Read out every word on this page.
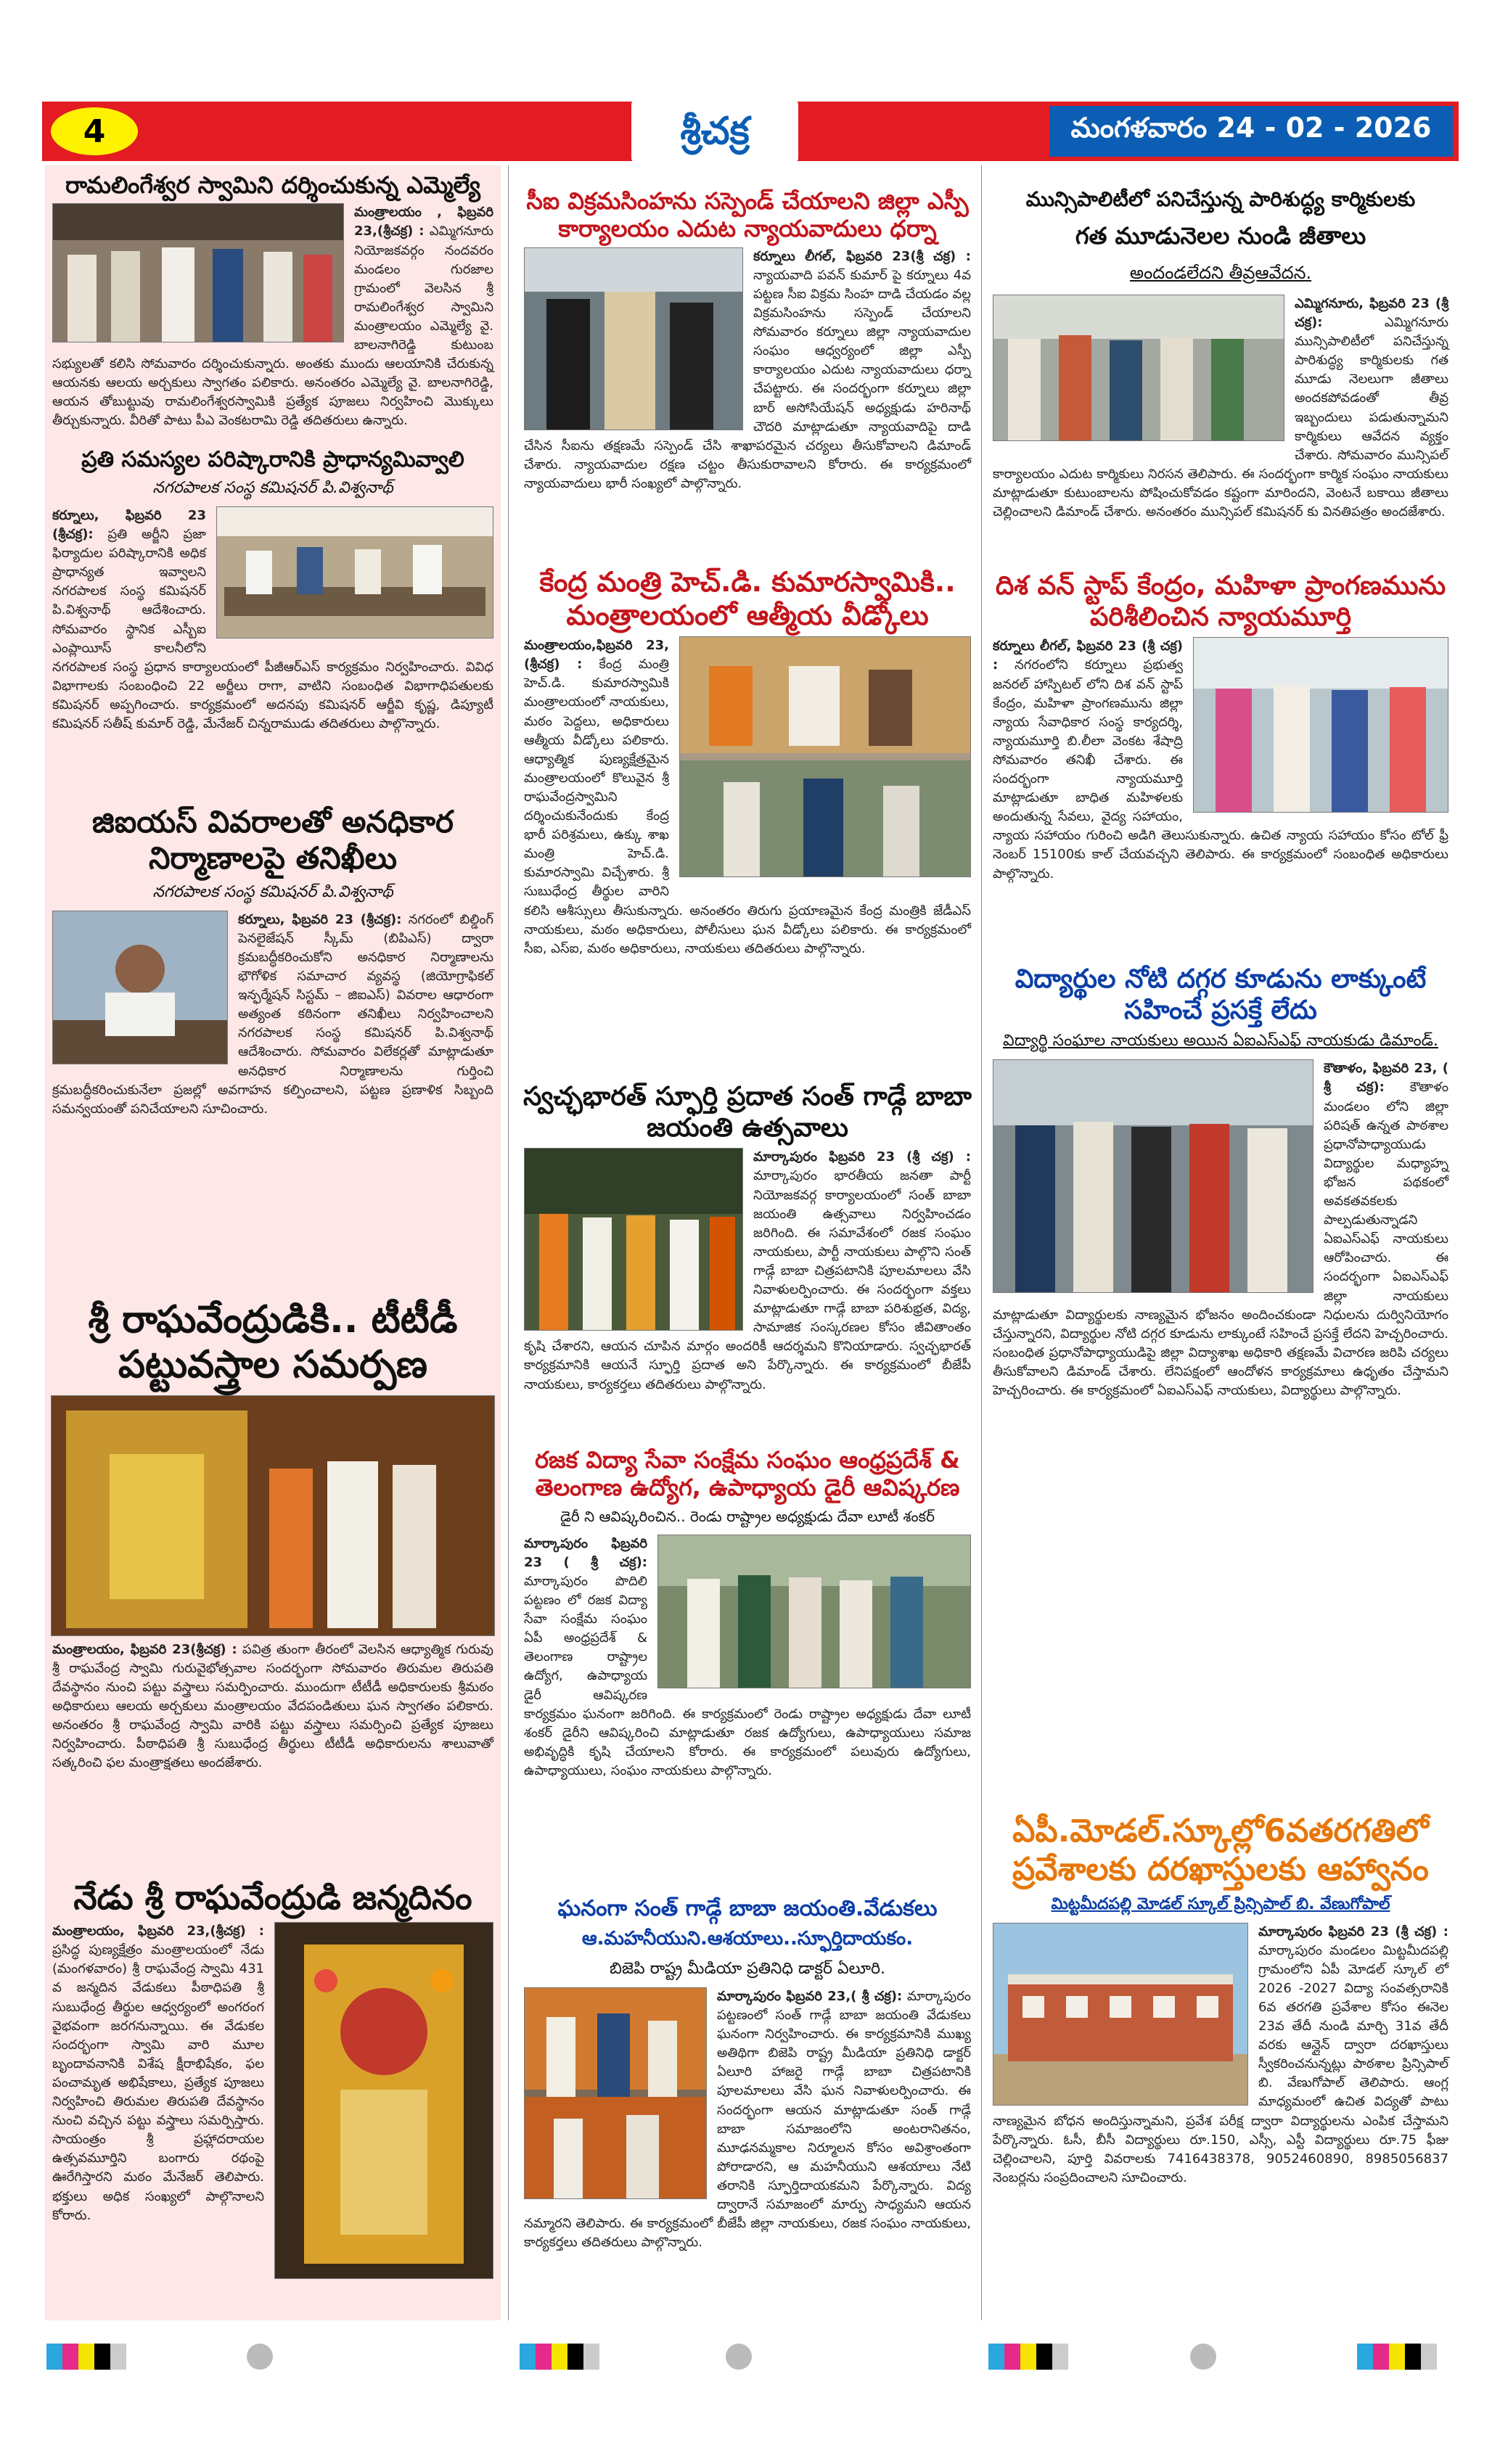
4	శ్రీచక్ర	మంగళవారం 24 - 02 - 2026
రామలింగేశ్వర స్వామిని దర్శించుకున్న ఎమ్మెల్యే
మంత్రాలయం , ఫిబ్రవరి 23,(శ్రీచక్ర) : ఎమ్మిగనూరు నియోజకవర్గం నందవరం మండలం గురజాల గ్రామంలో వెలసిన శ్రీ రామలింగేశ్వర స్వామిని మంత్రాలయం ఎమ్మెల్యే వై. బాలనాగిరెడ్డి కుటుంబ సభ్యులతో కలిసి సోమవారం దర్శించుకున్నారు. అంతకు ముందు ఆలయానికి చేరుకున్న ఆయనకు ఆలయ అర్చకులు స్వాగతం పలికారు. అనంతరం ఎమ్మెల్యే వై. బాలనాగిరెడ్డి, ఆయన తోబుట్టువు రామలింగేశ్వరస్వామికి ప్రత్యేక పూజలు నిర్వహించి మొక్కులు తీర్చుకున్నారు. వీరితో పాటు పీఎ వెంకటరామి రెడ్డి తదితరులు ఉన్నారు.
ప్రతి సమస్యల పరిష్కారానికి ప్రాధాన్యమివ్వాలి
నగరపాలక సంస్థ కమిషనర్ పి.విశ్వనాథ్
కర్నూలు, ఫిబ్రవరి 23 (శ్రీచక్ర): ప్రతి అర్జీని ప్రజా ఫిర్యాదుల పరిష్కారానికి అధిక ప్రాధాన్యత ఇవ్వాలని నగరపాలక సంస్థ కమిషనర్ పి.విశ్వనాథ్ ఆదేశించారు. సోమవారం స్థానిక ఎస్బీఐ ఎంప్లాయీస్ కాలనీలోని నగరపాలక సంస్థ ప్రధాన కార్యాలయంలో పీజీఆర్ఎస్ కార్యక్రమం నిర్వహించారు. వివిధ విభాగాలకు సంబంధించి 22 అర్జీలు రాగా, వాటిని సంబంధిత విభాగాధిపతులకు కమిషనర్ అప్పగించారు. కార్యక్రమంలో అదనపు కమిషనర్ ఆర్జీవి కృష్ణ, డిప్యూటీ కమిషనర్ సతీష్ కుమార్ రెడ్డి, మేనేజర్ చిన్నరాముడు తదితరులు పాల్గొన్నారు.
జిఐయస్ వివరాలతో అనధికార నిర్మాణాలపై తనిఖీలు
నగరపాలక సంస్థ కమిషనర్ పి.విశ్వనాథ్
కర్నూలు, ఫిబ్రవరి 23 (శ్రీచక్ర): నగరంలో బిల్డింగ్ పెనలైజేషన్ స్కీమ్ (బిపిఎస్) ద్వారా క్రమబద్ధీకరించుకోని అనధికార నిర్మాణాలను భౌగోళిక సమాచార వ్యవస్థ (జియోగ్రాఫికల్ ఇన్ఫర్మేషన్ సిస్టమ్ – జిఐఎస్) వివరాల ఆధారంగా అత్యంత కఠినంగా తనిఖీలు నిర్వహించాలని నగరపాలక సంస్థ కమిషనర్ పి.విశ్వనాథ్ ఆదేశించారు. సోమవారం విలేకర్లతో మాట్లాడుతూ అనధికార నిర్మాణాలను గుర్తించి క్రమబద్ధీకరించుకునేలా ప్రజల్లో అవగాహన కల్పించాలని, పట్టణ ప్రణాళిక సిబ్బంది సమన్వయంతో పనిచేయాలని సూచించారు.
శ్రీ రాఘవేంద్రుడికి.. టీటీడీ పట్టువస్త్రాల సమర్పణ
మంత్రాలయం, ఫిబ్రవరి 23(శ్రీచక్ర) : పవిత్ర తుంగా తీరంలో వెలసిన ఆధ్యాత్మిక గురువు శ్రీ రాఘవేంద్ర స్వామి గురువైభోత్సవాల సందర్భంగా సోమవారం తిరుమల తిరుపతి దేవస్థానం నుంచి పట్టు వస్త్రాలు సమర్పించారు. ముందుగా టీటీడీ అధికారులకు శ్రీమఠం అధికారులు ఆలయ అర్చకులు మంత్రాలయం వేదపండితులు ఘన స్వాగతం పలికారు. అనంతరం శ్రీ రాఘవేంద్ర స్వామి వారికి పట్టు వస్త్రాలు సమర్పించి ప్రత్యేక పూజలు నిర్వహించారు. పీఠాధిపతి శ్రీ సుబుధేంద్ర తీర్థులు టీటీడీ అధికారులను శాలువాతో సత్కరించి ఫల మంత్రాక్షతలు అందజేశారు.
నేడు శ్రీ రాఘవేంద్రుడి జన్మదినం
మంత్రాలయం, ఫిబ్రవరి 23,(శ్రీచక్ర) : ప్రసిద్ధ పుణ్యక్షేత్రం మంత్రాలయంలో నేడు (మంగళవారం) శ్రీ రాఘవేంద్ర స్వామి 431 వ జన్మదిన వేడుకలు పీఠాధిపతి శ్రీ సుబుధేంద్ర తీర్థుల ఆధ్వర్యంలో అంగరంగ వైభవంగా జరగనున్నాయి. ఈ వేడుకల సందర్భంగా స్వామి వారి మూల బృందావనానికి విశేష క్షీరాభిషేకం, ఫల పంచామృత అభిషేకాలు, ప్రత్యేక పూజలు నిర్వహించి తిరుమల తిరుపతి దేవస్థానం నుంచి వచ్చిన పట్టు వస్త్రాలు సమర్పిస్తారు. సాయంత్రం శ్రీ ప్రహ్లాదరాయల ఉత్సవమూర్తిని బంగారు రథంపై ఊరేగిస్తారని మఠం మేనేజర్ తెలిపారు. భక్తులు అధిక సంఖ్యలో పాల్గొనాలని కోరారు.
సీఐ విక్రమసింహను సస్పెండ్ చేయాలని జిల్లా ఎస్పీ కార్యాలయం ఎదుట న్యాయవాదులు ధర్నా
కర్నూలు లీగల్, ఫిబ్రవరి 23(శ్రీ చక్ర) : న్యాయవాది పవన్ కుమార్ పై కర్నూలు 4వ పట్టణ సీఐ విక్రమ సింహ దాడి చేయడం వల్ల విక్రమసింహను సస్పెండ్ చేయాలని సోమవారం కర్నూలు జిల్లా న్యాయవాదుల సంఘం ఆధ్వర్యంలో జిల్లా ఎస్పీ కార్యాలయం ఎదుట న్యాయవాదులు ధర్నా చేపట్టారు. ఈ సందర్భంగా కర్నూలు జిల్లా బార్ అసోసియేషన్ అధ్యక్షుడు హరినాథ్ చౌదరి మాట్లాడుతూ న్యాయవాదిపై దాడి చేసిన సీఐను తక్షణమే సస్పెండ్ చేసి శాఖాపరమైన చర్యలు తీసుకోవాలని డిమాండ్ చేశారు. న్యాయవాదుల రక్షణ చట్టం తీసుకురావాలని కోరారు. ఈ కార్యక్రమంలో న్యాయవాదులు భారీ సంఖ్యలో పాల్గొన్నారు.
కేంద్ర మంత్రి హెచ్.డి. కుమారస్వామికి.. మంత్రాలయంలో ఆత్మీయ వీడ్కోలు
మంత్రాలయం,ఫిబ్రవరి 23,(శ్రీచక్ర) : కేంద్ర మంత్రి హెచ్.డి. కుమారస్వామికి మంత్రాలయంలో నాయకులు, మఠం పెద్దలు, అధికారులు ఆత్మీయ వీడ్కోలు పలికారు. ఆధ్యాత్మిక పుణ్యక్షేత్రమైన మంత్రాలయంలో కొలువైన శ్రీ రాఘవేంద్రస్వామిని దర్శించుకునేందుకు కేంద్ర భారీ పరిశ్రమలు, ఉక్కు శాఖ మంత్రి హెచ్.డి. కుమారస్వామి విచ్చేశారు. శ్రీ సుబుధేంద్ర తీర్థుల వారిని కలిసి ఆశీస్సులు తీసుకున్నారు. అనంతరం తిరుగు ప్రయాణమైన కేంద్ర మంత్రికి జేడీఎస్ నాయకులు, మఠం అధికారులు, పోలీసులు ఘన వీడ్కోలు పలికారు. ఈ కార్యక్రమంలో సీఐ, ఎస్ఐ, మఠం అధికారులు, నాయకులు తదితరులు పాల్గొన్నారు.
స్వచ్ఛభారత్ స్ఫూర్తి ప్రదాత సంత్ గాడ్గే బాబా జయంతి ఉత్సవాలు
మార్కాపురం ఫిబ్రవరి 23 (శ్రీ చక్ర) : మార్కాపురం భారతీయ జనతా పార్టీ నియోజకవర్గ కార్యాలయంలో సంత్ బాబా జయంతి ఉత్సవాలు నిర్వహించడం జరిగింది. ఈ సమావేశంలో రజక సంఘం నాయకులు, పార్టీ నాయకులు పాల్గొని సంత్ గాడ్గే బాబా చిత్రపటానికి పూలమాలలు వేసి నివాళులర్పించారు. ఈ సందర్భంగా వక్తలు మాట్లాడుతూ గాడ్గే బాబా పరిశుభ్రత, విద్య, సామాజిక సంస్కరణల కోసం జీవితాంతం కృషి చేశారని, ఆయన చూపిన మార్గం అందరికీ ఆదర్శమని కొనియాడారు. స్వచ్ఛభారత్ కార్యక్రమానికి ఆయనే స్ఫూర్తి ప్రదాత అని పేర్కొన్నారు. ఈ కార్యక్రమంలో బీజేపీ నాయకులు, కార్యకర్తలు తదితరులు పాల్గొన్నారు.
రజక విద్యా సేవా సంక్షేమ సంఘం ఆంధ్రప్రదేశ్ & తెలంగాణ ఉద్యోగ, ఉపాధ్యాయ డైరీ ఆవిష్కరణ
డైరీ ని ఆవిష్కరించిన.. రెండు రాష్ట్రాల అధ్యక్షుడు దేవా లూటీ శంకర్
మార్కాపురం ఫిబ్రవరి 23 ( శ్రీ చక్ర): మార్కాపురం పొదిలి పట్టణం లో రజక విద్యా సేవా సంక్షేమ సంఘం ఏపీ అంధ్రప్రదేశ్ & తెలంగాణ రాష్ట్రాల ఉద్యోగ, ఉపాధ్యాయ డైరీ ఆవిష్కరణ కార్యక్రమం ఘనంగా జరిగింది. ఈ కార్యక్రమంలో రెండు రాష్ట్రాల అధ్యక్షుడు దేవా లూటీ శంకర్ డైరీని ఆవిష్కరించి మాట్లాడుతూ రజక ఉద్యోగులు, ఉపాధ్యాయులు సమాజ అభివృద్ధికి కృషి చేయాలని కోరారు. ఈ కార్యక్రమంలో పలువురు ఉద్యోగులు, ఉపాధ్యాయులు, సంఘం నాయకులు పాల్గొన్నారు.
ఘనంగా సంత్ గాడ్గే బాబా జయంతి.వేడుకలు
ఆ.మహనీయుని.ఆశయాలు..స్ఫూర్తిదాయకం.
బిజెపి రాష్ట్ర మీడియా ప్రతినిధి డాక్టర్ ఏలూరి.
మార్కాపురం ఫిబ్రవరి 23,( శ్రీ చక్ర): మార్కాపురం పట్టణంలో సంత్ గాడ్గే బాబా జయంతి వేడుకలు ఘనంగా నిర్వహించారు. ఈ కార్యక్రమానికి ముఖ్య అతిథిగా బిజెపి రాష్ట్ర మీడియా ప్రతినిధి డాక్టర్ ఏలూరి హాజరై గాడ్గే బాబా చిత్రపటానికి పూలమాలలు వేసి ఘన నివాళులర్పించారు. ఈ సందర్భంగా ఆయన మాట్లాడుతూ సంత్ గాడ్గే బాబా సమాజంలోని అంటరానితనం, మూఢనమ్మకాల నిర్మూలన కోసం అవిశ్రాంతంగా పోరాడారని, ఆ మహనీయుని ఆశయాలు నేటి తరానికి స్ఫూర్తిదాయకమని పేర్కొన్నారు. విద్య ద్వారానే సమాజంలో మార్పు సాధ్యమని ఆయన నమ్మారని తెలిపారు. ఈ కార్యక్రమంలో బీజేపీ జిల్లా నాయకులు, రజక సంఘం నాయకులు, కార్యకర్తలు తదితరులు పాల్గొన్నారు.
మున్సిపాలిటీలో పనిచేస్తున్న పారిశుద్ధ్య కార్మికులకు
గత మూడునెలల నుండి జీతాలు
అందండలేదని తీవ్రఆవేదన.
ఎమ్మిగనూరు, ఫిబ్రవరి 23 (శ్రీ చక్ర):	ఎమ్మిగనూరు మున్సిపాలిటీలో పనిచేస్తున్న పారిశుద్ధ్య కార్మికులకు గత మూడు నెలలుగా జీతాలు అందకపోవడంతో తీవ్ర ఇబ్బందులు పడుతున్నామని కార్మికులు ఆవేదన వ్యక్తం చేశారు. సోమవారం మున్సిపల్ కార్యాలయం ఎదుట కార్మికులు నిరసన తెలిపారు. ఈ సందర్భంగా కార్మిక సంఘం నాయకులు మాట్లాడుతూ కుటుంబాలను పోషించుకోవడం కష్టంగా మారిందని, వెంటనే బకాయి జీతాలు చెల్లించాలని డిమాండ్ చేశారు. అనంతరం మున్సిపల్ కమిషనర్ కు వినతిపత్రం అందజేశారు.
దిశ వన్ స్టాప్ కేంద్రం, మహిళా ప్రాంగణమును పరిశీలించిన న్యాయమూర్తి
కర్నూలు లీగల్, ఫిబ్రవరి 23 (శ్రీ చక్ర) : నగరంలోని కర్నూలు ప్రభుత్వ జనరల్ హాస్పిటల్ లోని దిశ వన్ స్టాప్ కేంద్రం, మహిళా ప్రాంగణమును జిల్లా న్యాయ సేవాధికార సంస్థ కార్యదర్శి, న్యాయమూర్తి బి.లీలా వెంకట శేషాద్రి సోమవారం తనిఖీ చేశారు. ఈ సందర్భంగా న్యాయమూర్తి మాట్లాడుతూ బాధిత మహిళలకు అందుతున్న సేవలు, వైద్య సహాయం, న్యాయ సహాయం గురించి అడిగి తెలుసుకున్నారు. ఉచిత న్యాయ సహాయం కోసం టోల్ ఫ్రీ నెంబర్ 15100కు కాల్ చేయవచ్చని తెలిపారు. ఈ కార్యక్రమంలో సంబంధిత అధికారులు పాల్గొన్నారు.
విద్యార్థుల నోటి దగ్గర కూడును లాక్కుంటే సహించే ప్రసక్తే లేదు
విద్యార్థి సంఘాల నాయకులు అయిన ఏఐఎస్ఎఫ్ నాయకుడు డిమాండ్.
కౌతాళం, ఫిబ్రవరి 23, ( శ్రీ చక్ర): కౌతాళం మండలం లోని జిల్లా పరిషత్ ఉన్నత పాఠశాల ప్రధానోపాధ్యాయుడు విద్యార్థుల మధ్యాహ్న భోజన పథకంలో అవకతవకలకు పాల్పడుతున్నాడని ఏఐఎస్ఎఫ్ నాయకులు ఆరోపించారు. ఈ సందర్భంగా ఏఐఎస్ఎఫ్ జిల్లా నాయకులు మాట్లాడుతూ విద్యార్థులకు నాణ్యమైన భోజనం అందించకుండా నిధులను దుర్వినియోగం చేస్తున్నారని, విద్యార్థుల నోటి దగ్గర కూడును లాక్కుంటే సహించే ప్రసక్తే లేదని హెచ్చరించారు. సంబంధిత ప్రధానోపాధ్యాయుడిపై జిల్లా విద్యాశాఖ అధికారి తక్షణమే విచారణ జరిపి చర్యలు తీసుకోవాలని డిమాండ్ చేశారు. లేనిపక్షంలో ఆందోళన కార్యక్రమాలు ఉధృతం చేస్తామని హెచ్చరించారు. ఈ కార్యక్రమంలో ఏఐఎస్ఎఫ్ నాయకులు, విద్యార్థులు పాల్గొన్నారు.
ఏపీ.మోడల్.స్కూల్లో6వతరగతిలో ప్రవేశాలకు దరఖాస్తులకు ఆహ్వానం
మిట్టమీదపల్లి మోడల్ స్కూల్ ప్రిన్సిపాల్ బి. వేణుగోపాల్
మార్కాపురం ఫిబ్రవరి 23 (శ్రీ చక్ర) : మార్కాపురం మండలం మిట్టమీదపల్లి గ్రామంలోని ఏపీ మోడల్ స్కూల్ లో 2026 -2027 విద్యా సంవత్సరానికి 6వ తరగతి ప్రవేశాల కోసం ఈనెల 23వ తేదీ నుండి మార్చి 31వ తేదీ వరకు ఆన్లైన్ ద్వారా దరఖాస్తులు స్వీకరించనున్నట్లు పాఠశాల ప్రిన్సిపాల్ బి. వేణుగోపాల్ తెలిపారు. ఆంగ్ల మాధ్యమంలో ఉచిత విద్యతో పాటు నాణ్యమైన బోధన అందిస్తున్నామని, ప్రవేశ పరీక్ష ద్వారా విద్యార్థులను ఎంపిక చేస్తామని పేర్కొన్నారు. ఓసీ, బీసీ విద్యార్థులు రూ.150, ఎస్సీ, ఎస్టీ విద్యార్థులు రూ.75 ఫీజు చెల్లించాలని, పూర్తి వివరాలకు 7416438378, 9052460890, 8985056837 నెంబర్లను సంప్రదించాలని సూచించారు.
